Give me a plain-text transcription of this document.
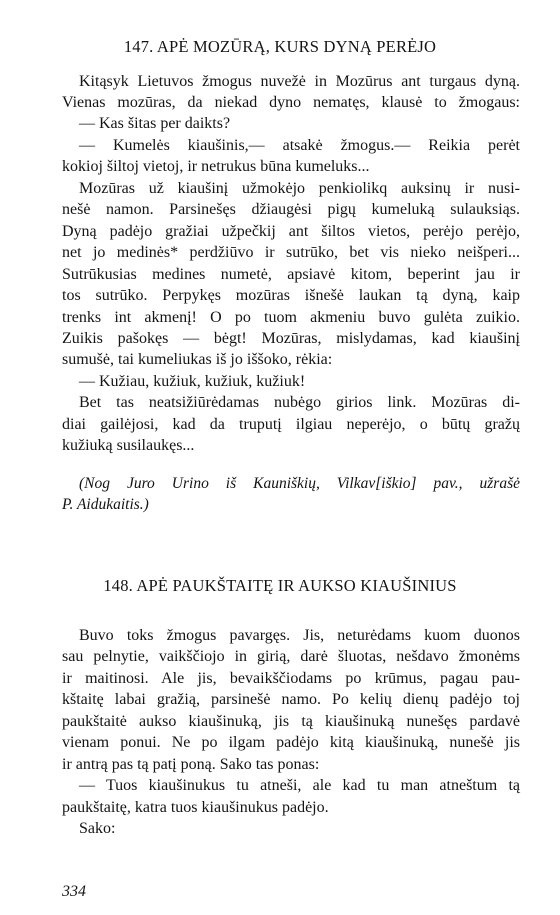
147. APĖ MOZŪRĄ, KURS DYNĄ PERĖJO
Kitąsyk Lietuvos žmogus nuvežė in Mozūrus ant turgaus dyną.
Vienas mozūras, da niekad dyno nematęs, klausė to žmogaus:
— Kas šitas per daikts?
— Kumelės kiaušinis,— atsakė žmogus.— Reikia perėt
kokioj šiltoj vietoj, ir netrukus būna kumeluks...
Mozūras už kiaušinį užmokėjo penkiolikq auksinų ir nusi-
nešė namon. Parsinešęs džiaugėsi pigų kumeluką sulauksiąs.
Dyną padėjo gražiai užpečkij ant šiltos vietos, perėjo perėjo,
net jo medinės* perdžiūvo ir sutrūko, bet vis nieko neišperi...
Sutrūkusias medines numetė, apsiavė kitom, beperint jau ir
tos sutrūko. Perpykęs mozūras išnešė laukan tą dyną, kaip
trenks int akmenį! O po tuom akmeniu buvo gulėta zuikio.
Zuikis pašokęs — bėgt! Mozūras, mislydamas, kad kiaušinį
sumušė, tai kumeliukas iš jo iššoko, rėkia:
— Kužiau, kužiuk, kužiuk, kužiuk!
Bet tas neatsižiūrėdamas nubėgo girios link. Mozūras di-
diai gailėjosi, kad da truputį ilgiau neperėjo, o būtų gražų
kužiuką susilaukęs...
(Nog Juro Urino iš Kauniškių, Vilkav[iškio] pav., užrašė
P. Aidukaitis.)
148. APĖ PAUKŠTAITĘ IR AUKSO KIAUŠINIUS
Buvo toks žmogus pavargęs. Jis, neturėdams kuom duonos
sau pelnytie, vaikščiojo in girią, darė šluotas, nešdavo žmonėms
ir maitinosi. Ale jis, bevaikščiodams po krūmus, pagau pau-
kštaitę labai gražią, parsinešė namo. Po kelių dienų padėjo toj
paukštaitė aukso kiaušinuką, jis tą kiaušinuką nunešęs pardavė
vienam ponui. Ne po ilgam padėjo kitą kiaušinuką, nunešė jis
ir antrą pas tą patį poną. Sako tas ponas:
— Tuos kiaušinukus tu atneši, ale kad tu man atneštum tą
paukštaitę, katra tuos kiaušinukus padėjo.
Sako:
334
